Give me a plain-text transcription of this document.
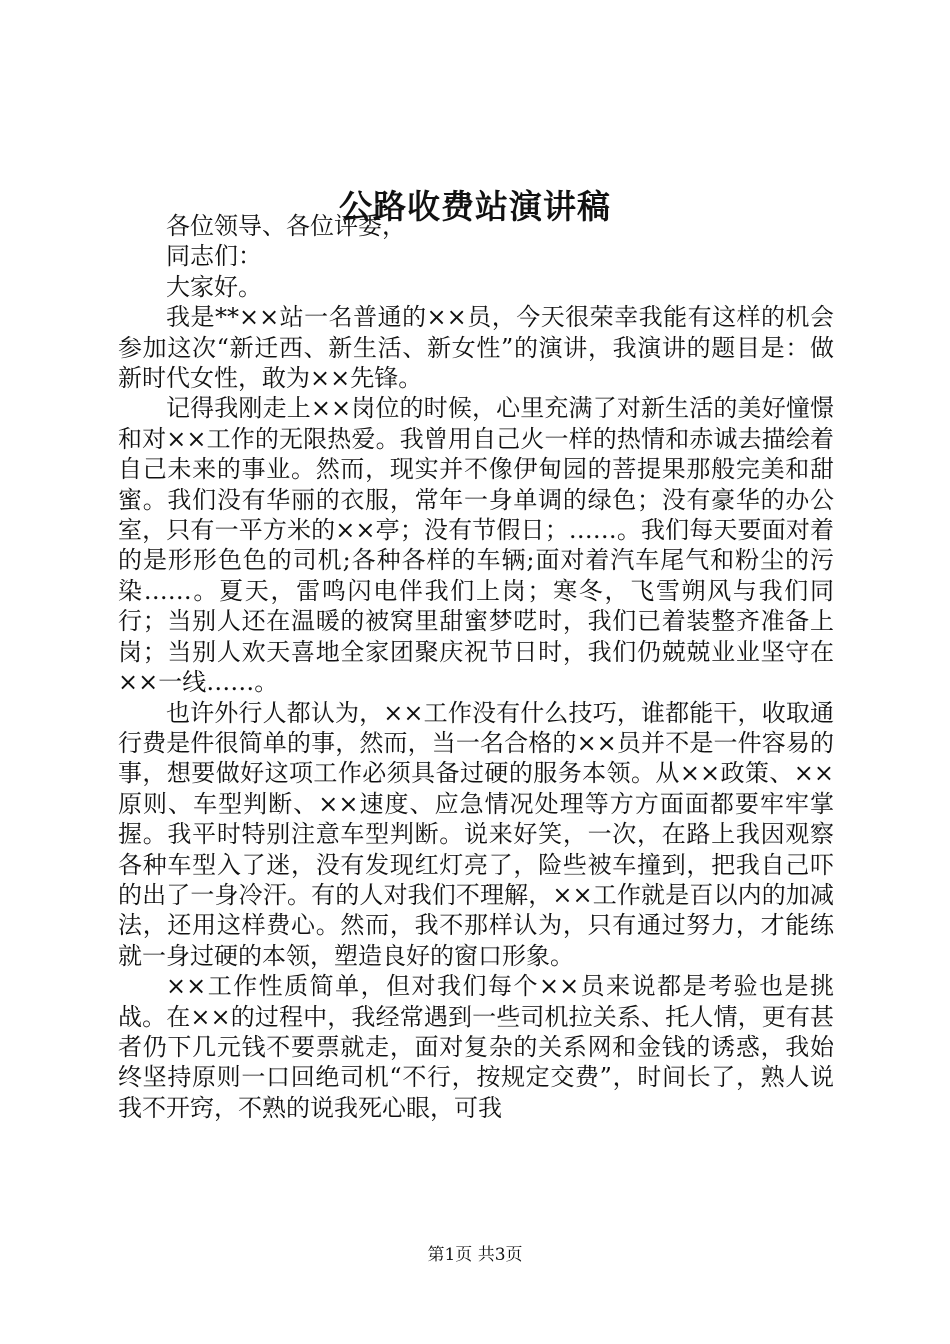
公路收费站演讲稿

各位领导、各位评委，

同志们：

大家好。

我是**××站一名普通的××员，今天很荣幸我能有这样的机会参加这次“新迁西、新生活、新女性”的演讲，我演讲的题目是：做新时代女性，敢为××先锋。

记得我刚走上××岗位的时候，心里充满了对新生活的美好憧憬和对××工作的无限热爱。我曾用自己火一样的热情和赤诚去描绘着自己未来的事业。然而，现实并不像伊甸园的菩提果那般完美和甜蜜。我们没有华丽的衣服，常年一身单调的绿色；没有豪华的办公室，只有一平方米的××亭；没有节假日；……。我们每天要面对着的是形形色色的司机;各种各样的车辆;面对着汽车尾气和粉尘的污染……。夏天，雷鸣闪电伴我们上岗；寒冬，飞雪朔风与我们同行；当别人还在温暖的被窝里甜蜜梦呓时，我们已着装整齐准备上岗；当别人欢天喜地全家团聚庆祝节日时，我们仍兢兢业业坚守在××一线……。

也许外行人都认为，××工作没有什么技巧，谁都能干，收取通行费是件很简单的事，然而，当一名合格的××员并不是一件容易的事，想要做好这项工作必须具备过硬的服务本领。从××政策、××原则、车型判断、××速度、应急情况处理等方方面面都要牢牢掌握。我平时特别注意车型判断。说来好笑，一次，在路上我因观察各种车型入了迷，没有发现红灯亮了，险些被车撞到，把我自己吓的出了一身冷汗。有的人对我们不理解，××工作就是百以内的加减法，还用这样费心。然而，我不那样认为，只有通过努力，才能练就一身过硬的本领，塑造良好的窗口形象。

××工作性质简单，但对我们每个××员来说都是考验也是挑战。在××的过程中，我经常遇到一些司机拉关系、托人情，更有甚者仍下几元钱不要票就走，面对复杂的关系网和金钱的诱惑，我始终坚持原则一口回绝司机“不行，按规定交费”，时间长了，熟人说我不开窍，不熟的说我死心眼，可我

第1页 共3页
